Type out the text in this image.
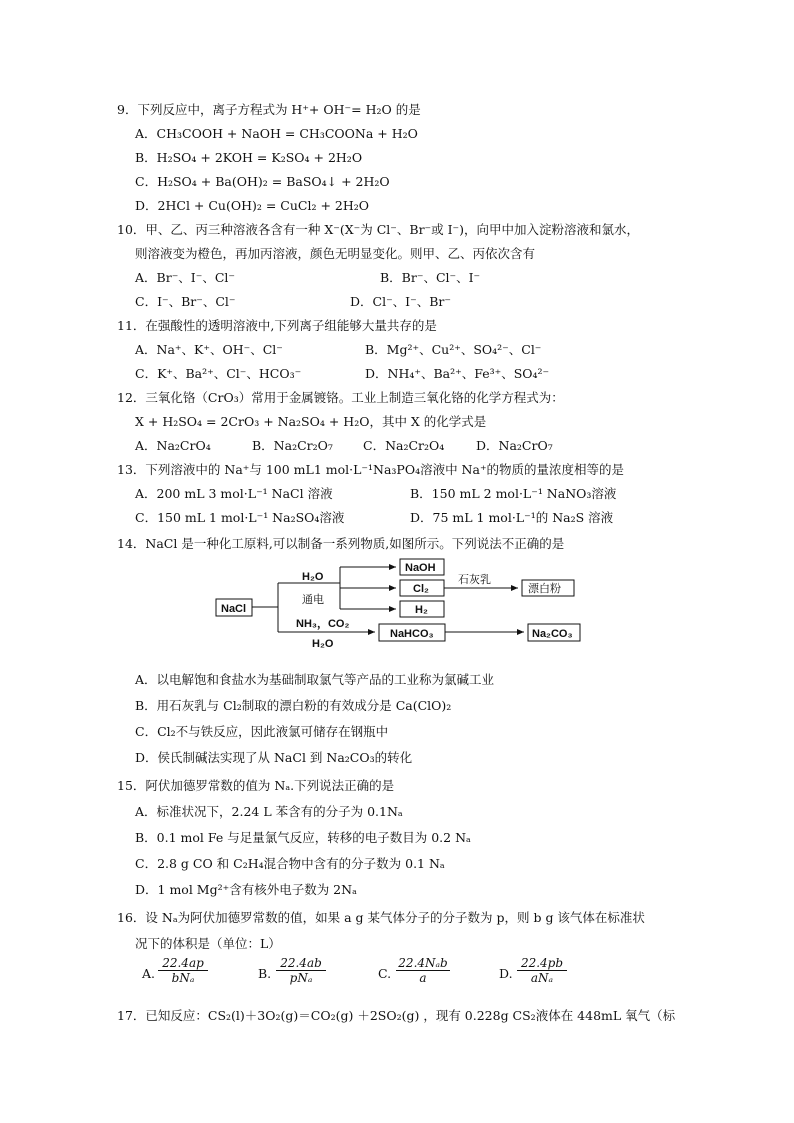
9．下列反应中，离子方程式为 H⁺+ OH⁻= H₂O 的是
A．CH₃COOH + NaOH = CH₃COONa + H₂O
B．H₂SO₄ + 2KOH = K₂SO₄ + 2H₂O
C．H₂SO₄ + Ba(OH)₂ = BaSO₄↓ + 2H₂O
D．2HCl + Cu(OH)₂ = CuCl₂ + 2H₂O
10．甲、乙、丙三种溶液各含有一种 X⁻(X⁻为 Cl⁻、Br⁻或 I⁻)，向甲中加入淀粉溶液和氯水，
则溶液变为橙色，再加丙溶液，颜色无明显变化。则甲、乙、丙依次含有
A．Br⁻、I⁻、Cl⁻	B．Br⁻、Cl⁻、I⁻
C．I⁻、Br⁻、Cl⁻	D．Cl⁻、I⁻、Br⁻
11．在强酸性的透明溶液中,下列离子组能够大量共存的是
A．Na⁺、K⁺、OH⁻、Cl⁻	B．Mg²⁺、Cu²⁺、SO₄²⁻、Cl⁻
C．K⁺、Ba²⁺、Cl⁻、HCO₃⁻	D．NH₄⁺、Ba²⁺、Fe³⁺、SO₄²⁻
12．三氧化铬（CrO₃）常用于金属镀铬。工业上制造三氧化铬的化学方程式为：
X + H₂SO₄ = 2CrO₃ + Na₂SO₄ + H₂O，其中 X 的化学式是
A．Na₂CrO₄	B．Na₂Cr₂O₇ C．Na₂Cr₂O₄	D．Na₂CrO₇
13．下列溶液中的 Na⁺与 100 mL1 mol·L⁻¹Na₃PO₄溶液中 Na⁺的物质的量浓度相等的是
A．200 mL 3 mol·L⁻¹ NaCl 溶液	B．150 mL 2 mol·L⁻¹ NaNO₃溶液
C．150 mL 1 mol·L⁻¹ Na₂SO₄溶液	D．75 mL 1 mol·L⁻¹的 Na₂S 溶液
14．NaCl 是一种化工原料,可以制备一系列物质,如图所示。下列说法不正确的是
NaCl
H₂O
通电
NaOH
Cl₂
H₂
石灰乳
漂白粉
NH₃，CO₂
H₂O
NaHCO₃	Na₂CO₃
A．以电解饱和食盐水为基础制取氯气等产品的工业称为氯碱工业
B．用石灰乳与 Cl₂制取的漂白粉的有效成分是 Ca(ClO)₂
C．Cl₂不与铁反应，因此液氯可储存在钢瓶中
D．侯氏制碱法实现了从 NaCl 到 Na₂CO₃的转化
15．阿伏加德罗常数的值为 Nₐ.下列说法正确的是
A．标准状况下，2.24 L 苯含有的分子为 0.1Nₐ
B．0.1 mol Fe 与足量氯气反应，转移的电子数目为 0.2 Nₐ
C．2.8 g CO 和 C₂H₄混合物中含有的分子数为 0.1 Nₐ
D．1 mol Mg²⁺含有核外电子数为 2Nₐ
16．设 Nₐ为阿伏加德罗常数的值，如果 a g 某气体分子的分子数为 p，则 b g 该气体在标准状
况下的体积是（单位：L）
A.
22.4ap
bNₐ	B.
22.4ab
pNₐ	C.
22.4Nₐb
a	D.
22.4pb
aNₐ
17．已知反应：CS₂(l)＋3O₂(g)＝CO₂(g) ＋2SO₂(g) ，现有 0.228g CS₂液体在 448mL 氧气（标
